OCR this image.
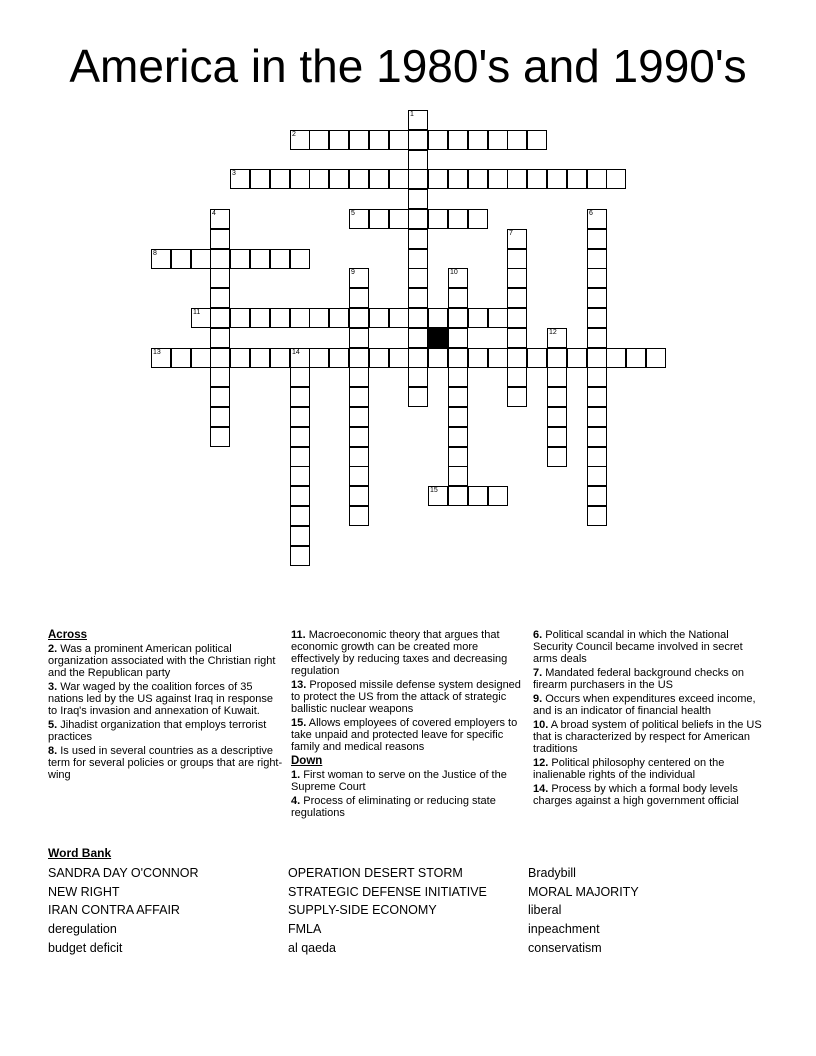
America in the 1980's and 1990's
1
2
3
4	5	6
7
8
9	10
11
12
13	14
15
Across
2. Was a prominent American political organization associated with the Christian right and the Republican party
3. War waged by the coalition forces of 35 nations led by the US against Iraq in response to Iraq's invasion and annexation of Kuwait.
5. Jihadist organization that employs terrorist practices
8. Is used in several countries as a descriptive term for several policies or groups that are right-wing
11. Macroeconomic theory that argues that economic growth can be created more effectively by reducing taxes and decreasing regulation
13. Proposed missile defense system designed to protect the US from the attack of strategic ballistic nuclear weapons
15. Allows employees of covered employers to take unpaid and protected leave for specific family and medical reasons
Down
1. First woman to serve on the Justice of the Supreme Court
4. Process of eliminating or reducing state regulations
6. Political scandal in which the National Security Council became involved in secret arms deals
7. Mandated federal background checks on firearm purchasers in the US
9. Occurs when expenditures exceed income, and is an indicator of financial health
10. A broad system of political beliefs in the US that is characterized by respect for American traditions
12. Political philosophy centered on the inalienable rights of the individual
14. Process by which a formal body levels charges against a high government official
Word Bank
SANDRA DAY O'CONNOR
NEW RIGHT
IRAN CONTRA AFFAIR
deregulation
budget deficit
OPERATION DESERT STORM
STRATEGIC DEFENSE INITIATIVE
SUPPLY-SIDE ECONOMY
FMLA
al qaeda
Bradybill
MORAL MAJORITY
liberal
inpeachment
conservatism
